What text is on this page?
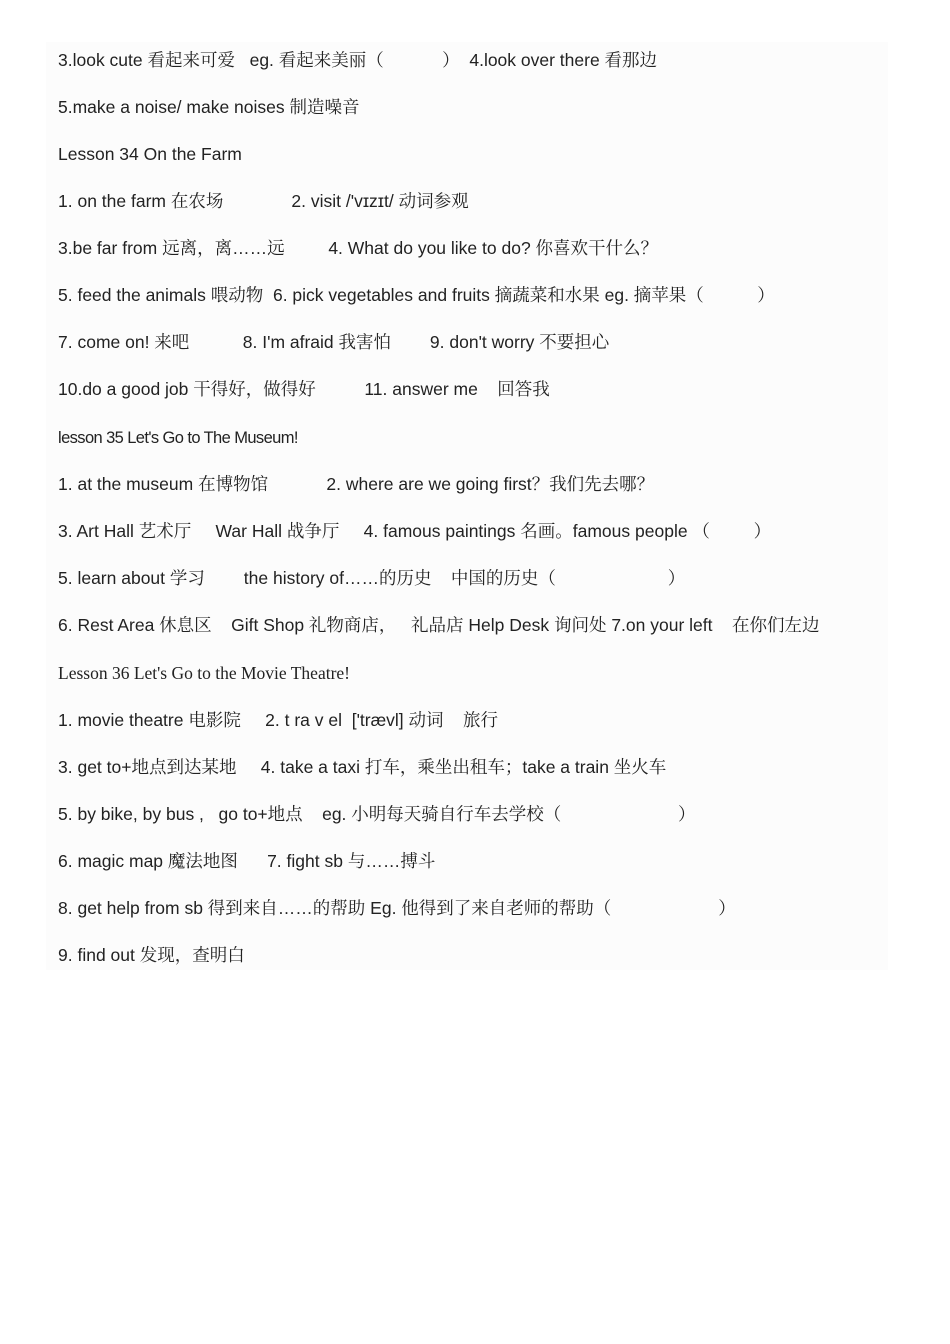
3.look cute 看起来可爱   eg. 看起来美丽（            ）  4.look over there 看那边
5.make a noise/ make noises 制造噪音
Lesson 34 On the Farm
1. on the farm 在农场              2. visit /'vɪzɪt/ 动词参观
3.be far from 远离，离……远         4. What do you like to do? 你喜欢干什么？
5. feed the animals 喂动物  6. pick vegetables and fruits 摘蔬菜和水果 eg. 摘苹果（           ）
7. come on! 来吧           8. I'm afraid 我害怕        9. don't worry 不要担心
10.do a good job 干得好，做得好          11. answer me    回答我
lesson 35 Let's Go to The Museum!
1. at the museum 在博物馆            2. where are we going first？我们先去哪？
3. Art Hall 艺术厅     War Hall 战争厅     4. famous paintings 名画。famous people （         ）
5. learn about 学习        the history of……的历史    中国的历史（                       ）
6. Rest Area 休息区    Gift Shop 礼物商店，   礼品店 Help Desk 询问处 7.on your left    在你们左边
Lesson 36 Let's Go to the Movie Theatre!
1. movie theatre 电影院     2. t ra v el  ['trævl] 动词    旅行
3. get to+地点到达某地     4. take a taxi 打车，乘坐出租车；take a train 坐火车
5. by bike, by bus ,   go to+地点    eg. 小明每天骑自行车去学校（                        ）
6. magic map 魔法地图      7. fight sb 与……搏斗
8. get help from sb 得到来自……的帮助 Eg. 他得到了来自老师的帮助（                      ）
9. find out 发现，查明白
